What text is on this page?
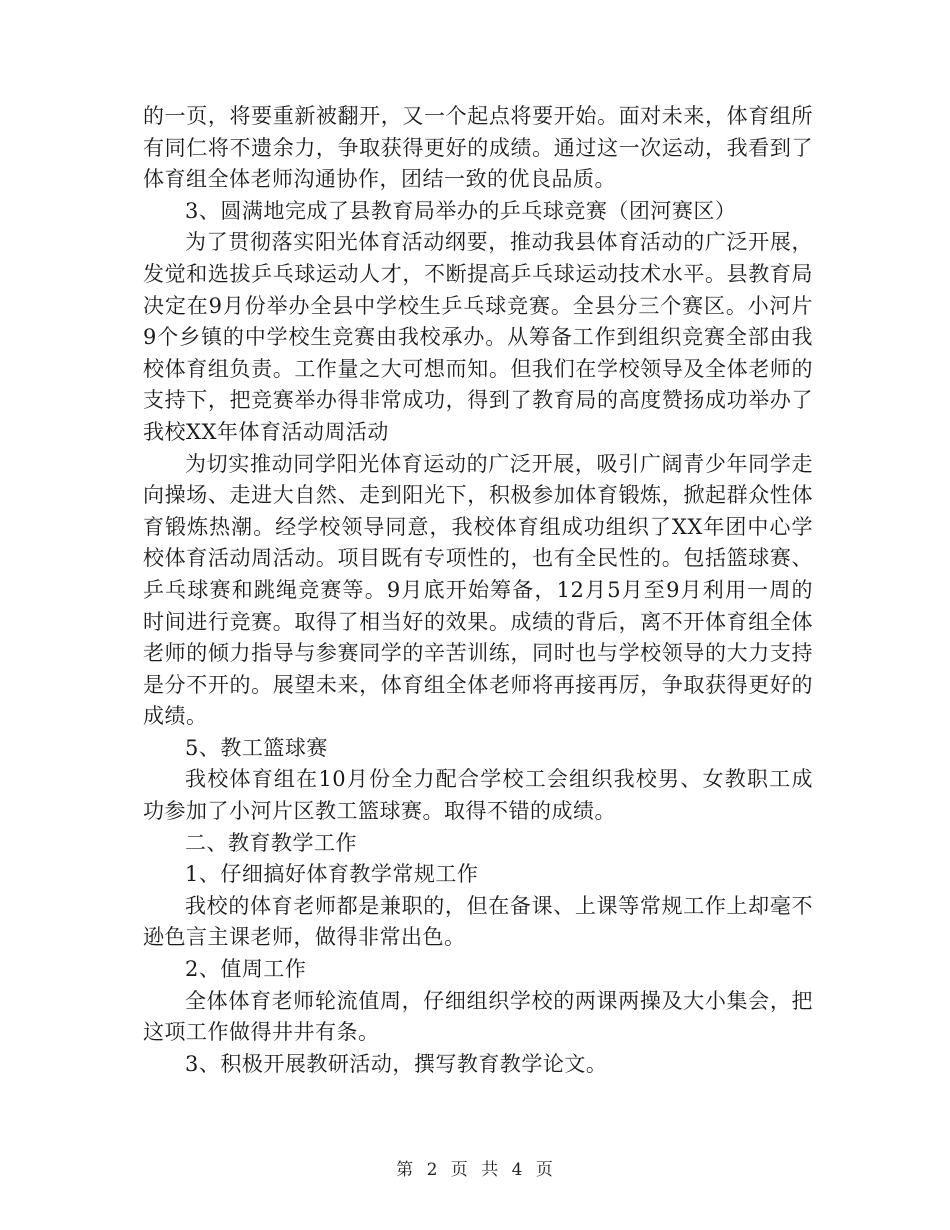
的一页，将要重新被翻开，又一个起点将要开始。面对未来，体育组所有同仁将不遗余力，争取获得更好的成绩。通过这一次运动，我看到了体育组全体老师沟通协作，团结一致的优良品质。

3、圆满地完成了县教育局举办的乒乓球竞赛（团河赛区）

为了贯彻落实阳光体育活动纲要，推动我县体育活动的广泛开展，发觉和选拔乒乓球运动人才，不断提高乒乓球运动技术水平。县教育局决定在9月份举办全县中学校生乒乓球竞赛。全县分三个赛区。小河片9个乡镇的中学校生竞赛由我校承办。从筹备工作到组织竞赛全部由我校体育组负责。工作量之大可想而知。但我们在学校领导及全体老师的支持下，把竞赛举办得非常成功，得到了教育局的高度赞扬成功举办了我校XX年体育活动周活动

为切实推动同学阳光体育运动的广泛开展，吸引广阔青少年同学走向操场、走进大自然、走到阳光下，积极参加体育锻炼，掀起群众性体育锻炼热潮。经学校领导同意，我校体育组成功组织了XX年团中心学校体育活动周活动。项目既有专项性的，也有全民性的。包括篮球赛、乒乓球赛和跳绳竞赛等。9月底开始筹备，12月5月至9月利用一周的时间进行竞赛。取得了相当好的效果。成绩的背后，离不开体育组全体老师的倾力指导与参赛同学的辛苦训练，同时也与学校领导的大力支持是分不开的。展望未来，体育组全体老师将再接再厉，争取获得更好的成绩。

5、教工篮球赛

我校体育组在10月份全力配合学校工会组织我校男、女教职工成功参加了小河片区教工篮球赛。取得不错的成绩。

二、教育教学工作

1、仔细搞好体育教学常规工作

我校的体育老师都是兼职的，但在备课、上课等常规工作上却毫不逊色言主课老师，做得非常出色。

2、值周工作

全体体育老师轮流值周，仔细组织学校的两课两操及大小集会，把这项工作做得井井有条。

3、积极开展教研活动，撰写教育教学论文。

第 2 页 共 4 页
